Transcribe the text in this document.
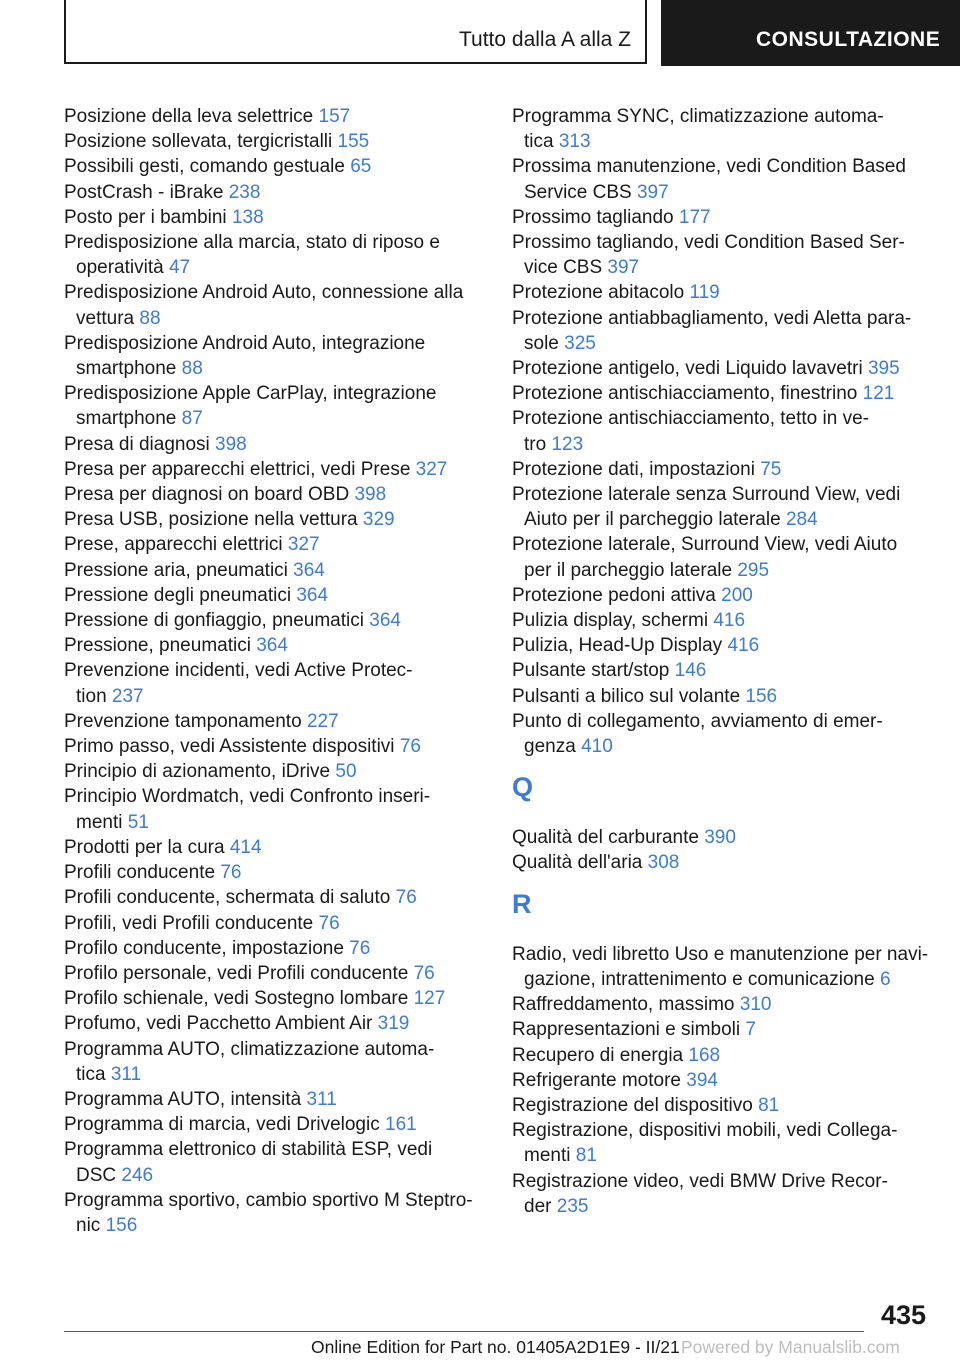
Tutto dalla A alla Z	CONSULTAZIONE
Posizione della leva selettrice 157
Posizione sollevata, tergicristalli 155
Possibili gesti, comando gestuale 65
PostCrash - iBrake 238
Posto per i bambini 138
Predisposizione alla marcia, stato di riposo e
operatività 47
Predisposizione Android Auto, connessione alla
vettura 88
Predisposizione Android Auto, integrazione
smartphone 88
Predisposizione Apple CarPlay, integrazione
smartphone 87
Presa di diagnosi 398
Presa per apparecchi elettrici, vedi Prese 327
Presa per diagnosi on board OBD 398
Presa USB, posizione nella vettura 329
Prese, apparecchi elettrici 327
Pressione aria, pneumatici 364
Pressione degli pneumatici 364
Pressione di gonfiaggio, pneumatici 364
Pressione, pneumatici 364
Prevenzione incidenti, vedi Active Protec-
tion 237
Prevenzione tamponamento 227
Primo passo, vedi Assistente dispositivi 76
Principio di azionamento, iDrive 50
Principio Wordmatch, vedi Confronto inseri-
menti 51
Prodotti per la cura 414
Profili conducente 76
Profili conducente, schermata di saluto 76
Profili, vedi Profili conducente 76
Profilo conducente, impostazione 76
Profilo personale, vedi Profili conducente 76
Profilo schienale, vedi Sostegno lombare 127
Profumo, vedi Pacchetto Ambient Air 319
Programma AUTO, climatizzazione automa-
tica 311
Programma AUTO, intensità 311
Programma di marcia, vedi Drivelogic 161
Programma elettronico di stabilità ESP, vedi
DSC 246
Programma sportivo, cambio sportivo M Steptro-
nic 156
Programma SYNC, climatizzazione automa-
tica 313
Prossima manutenzione, vedi Condition Based
Service CBS 397
Prossimo tagliando 177
Prossimo tagliando, vedi Condition Based Ser-
vice CBS 397
Protezione abitacolo 119
Protezione antiabbagliamento, vedi Aletta para-
sole 325
Protezione antigelo, vedi Liquido lavavetri 395
Protezione antischiacciamento, finestrino 121
Protezione antischiacciamento, tetto in ve-
tro 123
Protezione dati, impostazioni 75
Protezione laterale senza Surround View, vedi
Aiuto per il parcheggio laterale 284
Protezione laterale, Surround View, vedi Aiuto
per il parcheggio laterale 295
Protezione pedoni attiva 200
Pulizia display, schermi 416
Pulizia, Head-Up Display 416
Pulsante start/stop 146
Pulsanti a bilico sul volante 156
Punto di collegamento, avviamento di emer-
genza 410
Q
Qualità del carburante 390
Qualità dell'aria 308
R
Radio, vedi libretto Uso e manutenzione per navi-
gazione, intrattenimento e comunicazione 6
Raffreddamento, massimo 310
Rappresentazioni e simboli 7
Recupero di energia 168
Refrigerante motore 394
Registrazione del dispositivo 81
Registrazione, dispositivi mobili, vedi Collega-
menti 81
Registrazione video, vedi BMW Drive Recor-
der 235
435
Online Edition for Part no. 01405A2D1E9 - II/21 Powered by Manualslib.com
